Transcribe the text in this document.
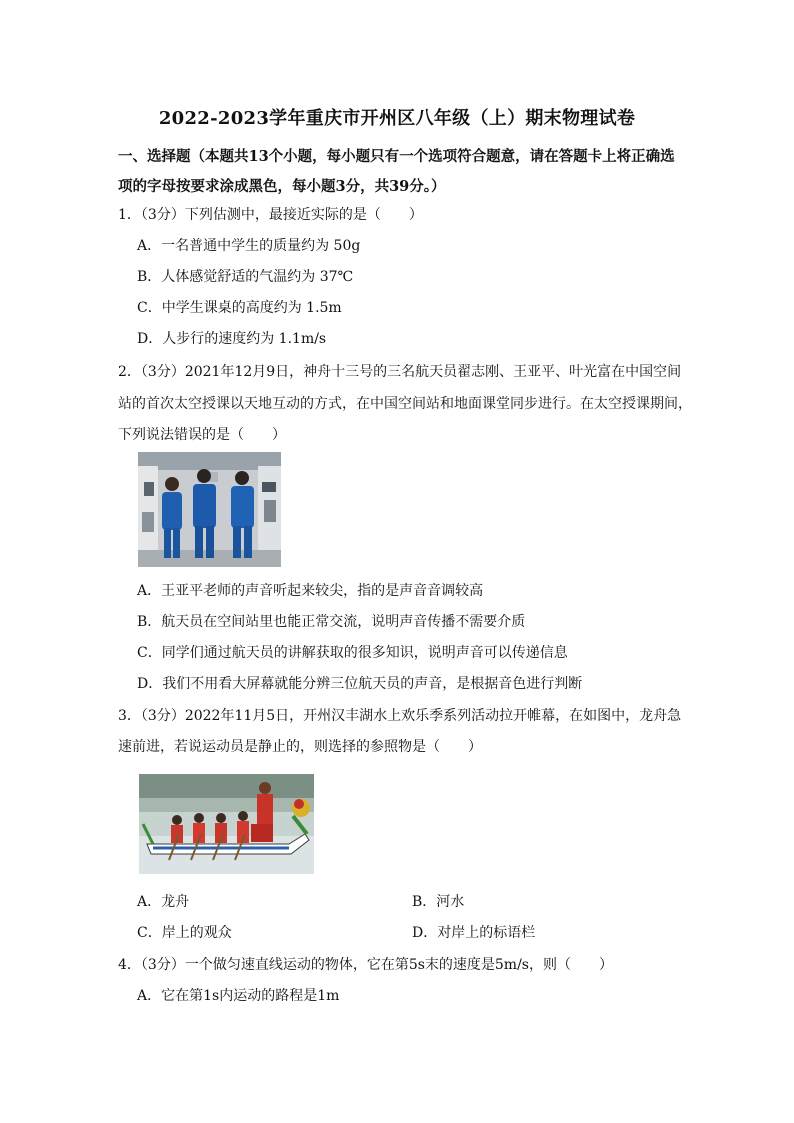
2022-2023学年重庆市开州区八年级（上）期末物理试卷
一、选择题（本题共13个小题，每小题只有一个选项符合题意，请在答题卡上将正确选项的字母按要求涂成黑色，每小题3分，共39分。）
1．（3分）下列估测中，最接近实际的是（　　）
A．一名普通中学生的质量约为 50g
B．人体感觉舒适的气温约为 37℃
C．中学生课桌的高度约为 1.5m
D．人步行的速度约为 1.1m/s
2．（3分）2021年12月9日，神舟十三号的三名航天员翟志刚、王亚平、叶光富在中国空间站的首次太空授课以天地互动的方式，在中国空间站和地面课堂同步进行。在太空授课期间，下列说法错误的是（　　）
A．王亚平老师的声音听起来较尖，指的是声音音调较高
B．航天员在空间站里也能正常交流，说明声音传播不需要介质
C．同学们通过航天员的讲解获取的很多知识，说明声音可以传递信息
D．我们不用看大屏幕就能分辨三位航天员的声音，是根据音色进行判断
3．（3分）2022年11月5日，开州汉丰湖水上欢乐季系列活动拉开帷幕，在如图中，龙舟急速前进，若说运动员是静止的，则选择的参照物是（　　）
A．龙舟	B．河水
C．岸上的观众	D．对岸上的标语栏
4．（3分）一个做匀速直线运动的物体，它在第5s末的速度是5m/s，则（　　）
A．它在第1s内运动的路程是1m
